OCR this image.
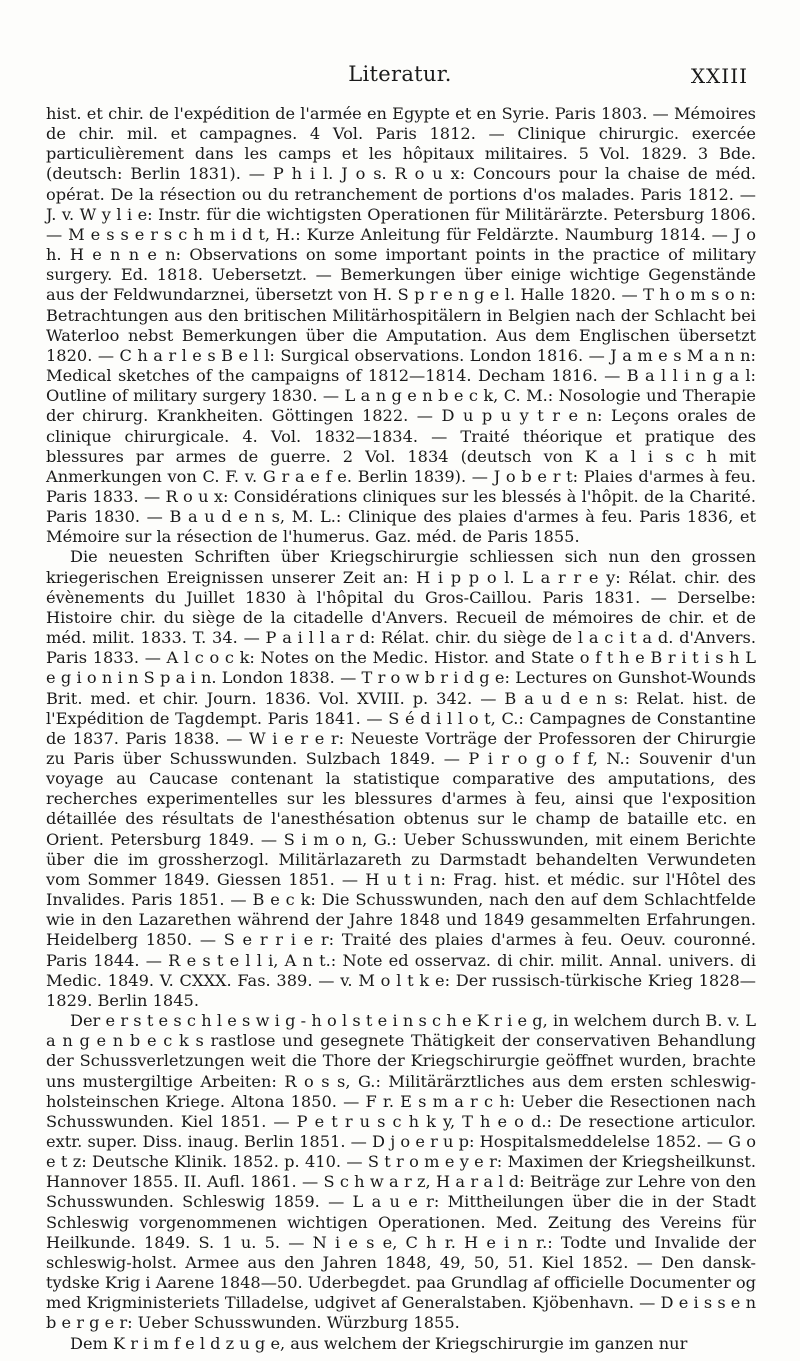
Literatur.	XXIII

hist. et chir. de l'expédition de l'armée en Egypte et en Syrie. Paris 1803. — Mémoires de chir. mil. et campagnes. 4 Vol. Paris 1812. — Clinique chirurgic. exercée particulièrement dans les camps et les hôpitaux militaires. 5 Vol. 1829. 3 Bde. (deutsch: Berlin 1831). — P h i l. J o s. R o u x: Concours pour la chaise de méd. opérat. De la résection ou du retranchement de portions d'os malades. Paris 1812. — J. v. W y l i e: Instr. für die wichtigsten Operationen für Militärärzte. Petersburg 1806. — M e s s e r s c h m i d t, H.: Kurze Anleitung für Feldärzte. Naumburg 1814. — J o h. H e n n e n: Observations on some important points in the practice of military surgery. Ed. 1818. Uebersetzt. — Bemerkungen über einige wichtige Gegenstände aus der Feldwundarznei, übersetzt von H. S p r e n g e l. Halle 1820. — T h o m s o n: Betrachtungen aus den britischen Militärhospitälern in Belgien nach der Schlacht bei Waterloo nebst Bemerkungen über die Amputation. Aus dem Englischen übersetzt 1820. — C h a r l e s B e l l: Surgical observations. London 1816. — J a m e s M a n n: Medical sketches of the campaigns of 1812—1814. Decham 1816. — B a l l i n g a l: Outline of military surgery 1830. — L a n g e n b e c k, C. M.: Nosologie und Therapie der chirurg. Krankheiten. Göttingen 1822. — D u p u y t r e n: Leçons orales de clinique chirurgicale. 4. Vol. 1832—1834. — Traité théorique et pratique des blessures par armes de guerre. 2 Vol. 1834 (deutsch von K a l i s c h mit Anmerkungen von C. F. v. G r a e f e. Berlin 1839). — J o b e r t: Plaies d'armes à feu. Paris 1833. — R o u x: Considérations cliniques sur les blessés à l'hôpit. de la Charité. Paris 1830. — B a u d e n s, M. L.: Clinique des plaies d'armes à feu. Paris 1836, et Mémoire sur la résection de l'humerus. Gaz. méd. de Paris 1855.

Die neuesten Schriften über Kriegschirurgie schliessen sich nun den grossen kriegerischen Ereignissen unserer Zeit an: H i p p o l. L a r r e y: Rélat. chir. des évènements du Juillet 1830 à l'hôpital du Gros-Caillou. Paris 1831. — Derselbe: Histoire chir. du siège de la citadelle d'Anvers. Recueil de mémoires de chir. et de méd. milit. 1833. T. 34. — P a i l l a r d: Rélat. chir. du siège de l a c i t a d. d'Anvers. Paris 1833. — A l c o c k: Notes on the Medic. Histor. and State o f t h e B r i t i s h L e g i o n i n S p a i n. London 1838. — T r o w b r i d g e: Lectures on Gunshot-Wounds Brit. med. et chir. Journ. 1836. Vol. XVIII. p. 342. — B a u d e n s: Relat. hist. de l'Expédition de Tagdempt. Paris 1841. — S é d i l l o t, C.: Campagnes de Constantine de 1837. Paris 1838. — W i e r e r: Neueste Vorträge der Professoren der Chirurgie zu Paris über Schusswunden. Sulzbach 1849. — P i r o g o f f, N.: Souvenir d'un voyage au Caucase contenant la statistique comparative des amputations, des recherches experimentelles sur les blessures d'armes à feu, ainsi que l'exposition détaillée des résultats de l'anesthésation obtenus sur le champ de bataille etc. en Orient. Petersburg 1849. — S i m o n, G.: Ueber Schusswunden, mit einem Berichte über die im grossherzogl. Militärlazareth zu Darmstadt behandelten Verwundeten vom Sommer 1849. Giessen 1851. — H u t i n: Frag. hist. et médic. sur l'Hôtel des Invalides. Paris 1851. — B e c k: Die Schusswunden, nach den auf dem Schlachtfelde wie in den Lazarethen während der Jahre 1848 und 1849 gesammelten Erfahrungen. Heidelberg 1850. — S e r r i e r: Traité des plaies d'armes à feu. Oeuv. couronné. Paris 1844. — R e s t e l l i, A n t.: Note ed osservaz. di chir. milit. Annal. univers. di Medic. 1849. V. CXXX. Fas. 389. — v. M o l t k e: Der russisch-türkische Krieg 1828—1829. Berlin 1845.

Der e r s t e s c h l e s w i g - h o l s t e i n s c h e K r i e g, in welchem durch B. v. L a n g e n b e c k s rastlose und gesegnete Thätigkeit der conservativen Behandlung der Schussverletzungen weit die Thore der Kriegschirurgie geöffnet wurden, brachte uns mustergiltige Arbeiten: R o s s, G.: Militärärztliches aus dem ersten schleswig-holsteinschen Kriege. Altona 1850. — F r. E s m a r c h: Ueber die Resectionen nach Schusswunden. Kiel 1851. — P e t r u s c h k y, T h e o d.: De resectione articulor. extr. super. Diss. inaug. Berlin 1851. — D j o e r u p: Hospitalsmeddelelse 1852. — G o e t z: Deutsche Klinik. 1852. p. 410. — S t r o m e y e r: Maximen der Kriegsheilkunst. Hannover 1855. II. Aufl. 1861. — S c h w a r z, H a r a l d: Beiträge zur Lehre von den Schusswunden. Schleswig 1859. — L a u e r: Mittheilungen über die in der Stadt Schleswig vorgenommenen wichtigen Operationen. Med. Zeitung des Vereins für Heilkunde. 1849. S. 1 u. 5. — N i e s e, C h r. H e i n r.: Todte und Invalide der schleswig-holst. Armee aus den Jahren 1848, 49, 50, 51. Kiel 1852. — Den dansk-tydske Krig i Aarene 1848—50. Uderbegdet. paa Grundlag af officielle Documenter og med Krigministeriets Tilladelse, udgivet af Generalstaben. Kjöbenhavn. — D e i s s e n b e r g e r: Ueber Schusswunden. Würzburg 1855.

Dem K r i m f e l d z u g e, aus welchem der Kriegschirurgie im ganzen nur
